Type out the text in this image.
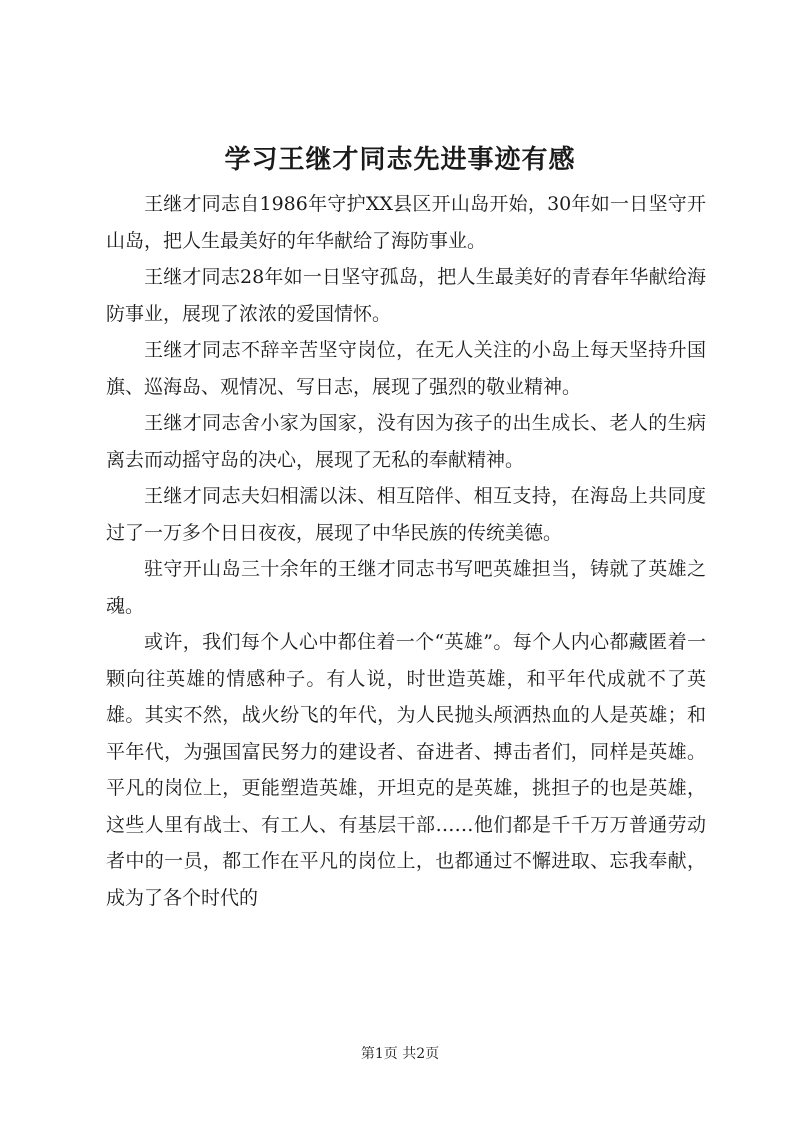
学习王继才同志先进事迹有感

王继才同志自1986年守护XX县区开山岛开始，30年如一日坚守开山岛，把人生最美好的年华献给了海防事业。

王继才同志28年如一日坚守孤岛，把人生最美好的青春年华献给海防事业，展现了浓浓的爱国情怀。

王继才同志不辞辛苦坚守岗位，在无人关注的小岛上每天坚持升国旗、巡海岛、观情况、写日志，展现了强烈的敬业精神。

王继才同志舍小家为国家，没有因为孩子的出生成长、老人的生病离去而动摇守岛的决心，展现了无私的奉献精神。

王继才同志夫妇相濡以沫、相互陪伴、相互支持，在海岛上共同度过了一万多个日日夜夜，展现了中华民族的传统美德。

驻守开山岛三十余年的王继才同志书写吧英雄担当，铸就了英雄之魂。

或许，我们每个人心中都住着一个“英雄”。每个人内心都藏匿着一颗向往英雄的情感种子。有人说，时世造英雄，和平年代成就不了英雄。其实不然，战火纷飞的年代，为人民抛头颅洒热血的人是英雄；和平年代，为强国富民努力的建设者、奋进者、搏击者们，同样是英雄。平凡的岗位上，更能塑造英雄，开坦克的是英雄，挑担子的也是英雄，这些人里有战士、有工人、有基层干部……他们都是千千万万普通劳动者中的一员，都工作在平凡的岗位上，也都通过不懈进取、忘我奉献，成为了各个时代的

第1页 共2页
